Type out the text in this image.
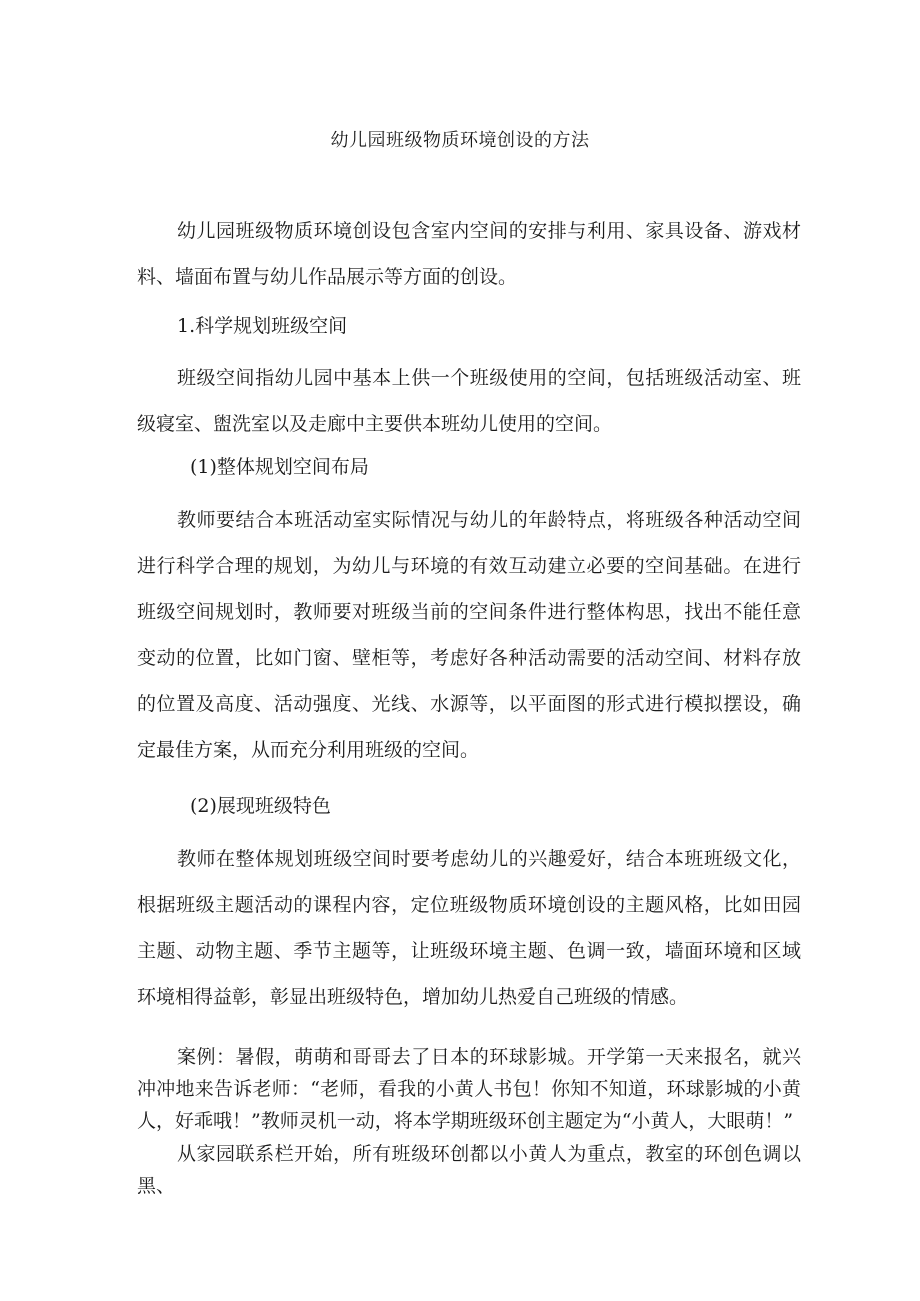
幼儿园班级物质环境创设的方法

幼儿园班级物质环境创设包含室内空间的安排与利用、家具设备、游戏材料、墙面布置与幼儿作品展示等方面的创设。

1.科学规划班级空间

班级空间指幼儿园中基本上供一个班级使用的空间，包括班级活动室、班级寝室、盥洗室以及走廊中主要供本班幼儿使用的空间。

(1)整体规划空间布局

教师要结合本班活动室实际情况与幼儿的年龄特点，将班级各种活动空间进行科学合理的规划，为幼儿与环境的有效互动建立必要的空间基础。在进行班级空间规划时，教师要对班级当前的空间条件进行整体构思，找出不能任意变动的位置，比如门窗、壁柜等，考虑好各种活动需要的活动空间、材料存放的位置及高度、活动强度、光线、水源等，以平面图的形式进行模拟摆设，确定最佳方案，从而充分利用班级的空间。

(2)展现班级特色

教师在整体规划班级空间时要考虑幼儿的兴趣爱好，结合本班班级文化，根据班级主题活动的课程内容，定位班级物质环境创设的主题风格，比如田园主题、动物主题、季节主题等，让班级环境主题、色调一致，墙面环境和区域环境相得益彰，彰显出班级特色，增加幼儿热爱自己班级的情感。

案例：暑假，萌萌和哥哥去了日本的环球影城。开学第一天来报名，就兴冲冲地来告诉老师：“老师，看我的小黄人书包！你知不知道，环球影城的小黄人，好乖哦！”教师灵机一动，将本学期班级环创主题定为“小黄人，大眼萌！”

从家园联系栏开始，所有班级环创都以小黄人为重点，教室的环创色调以黑、
